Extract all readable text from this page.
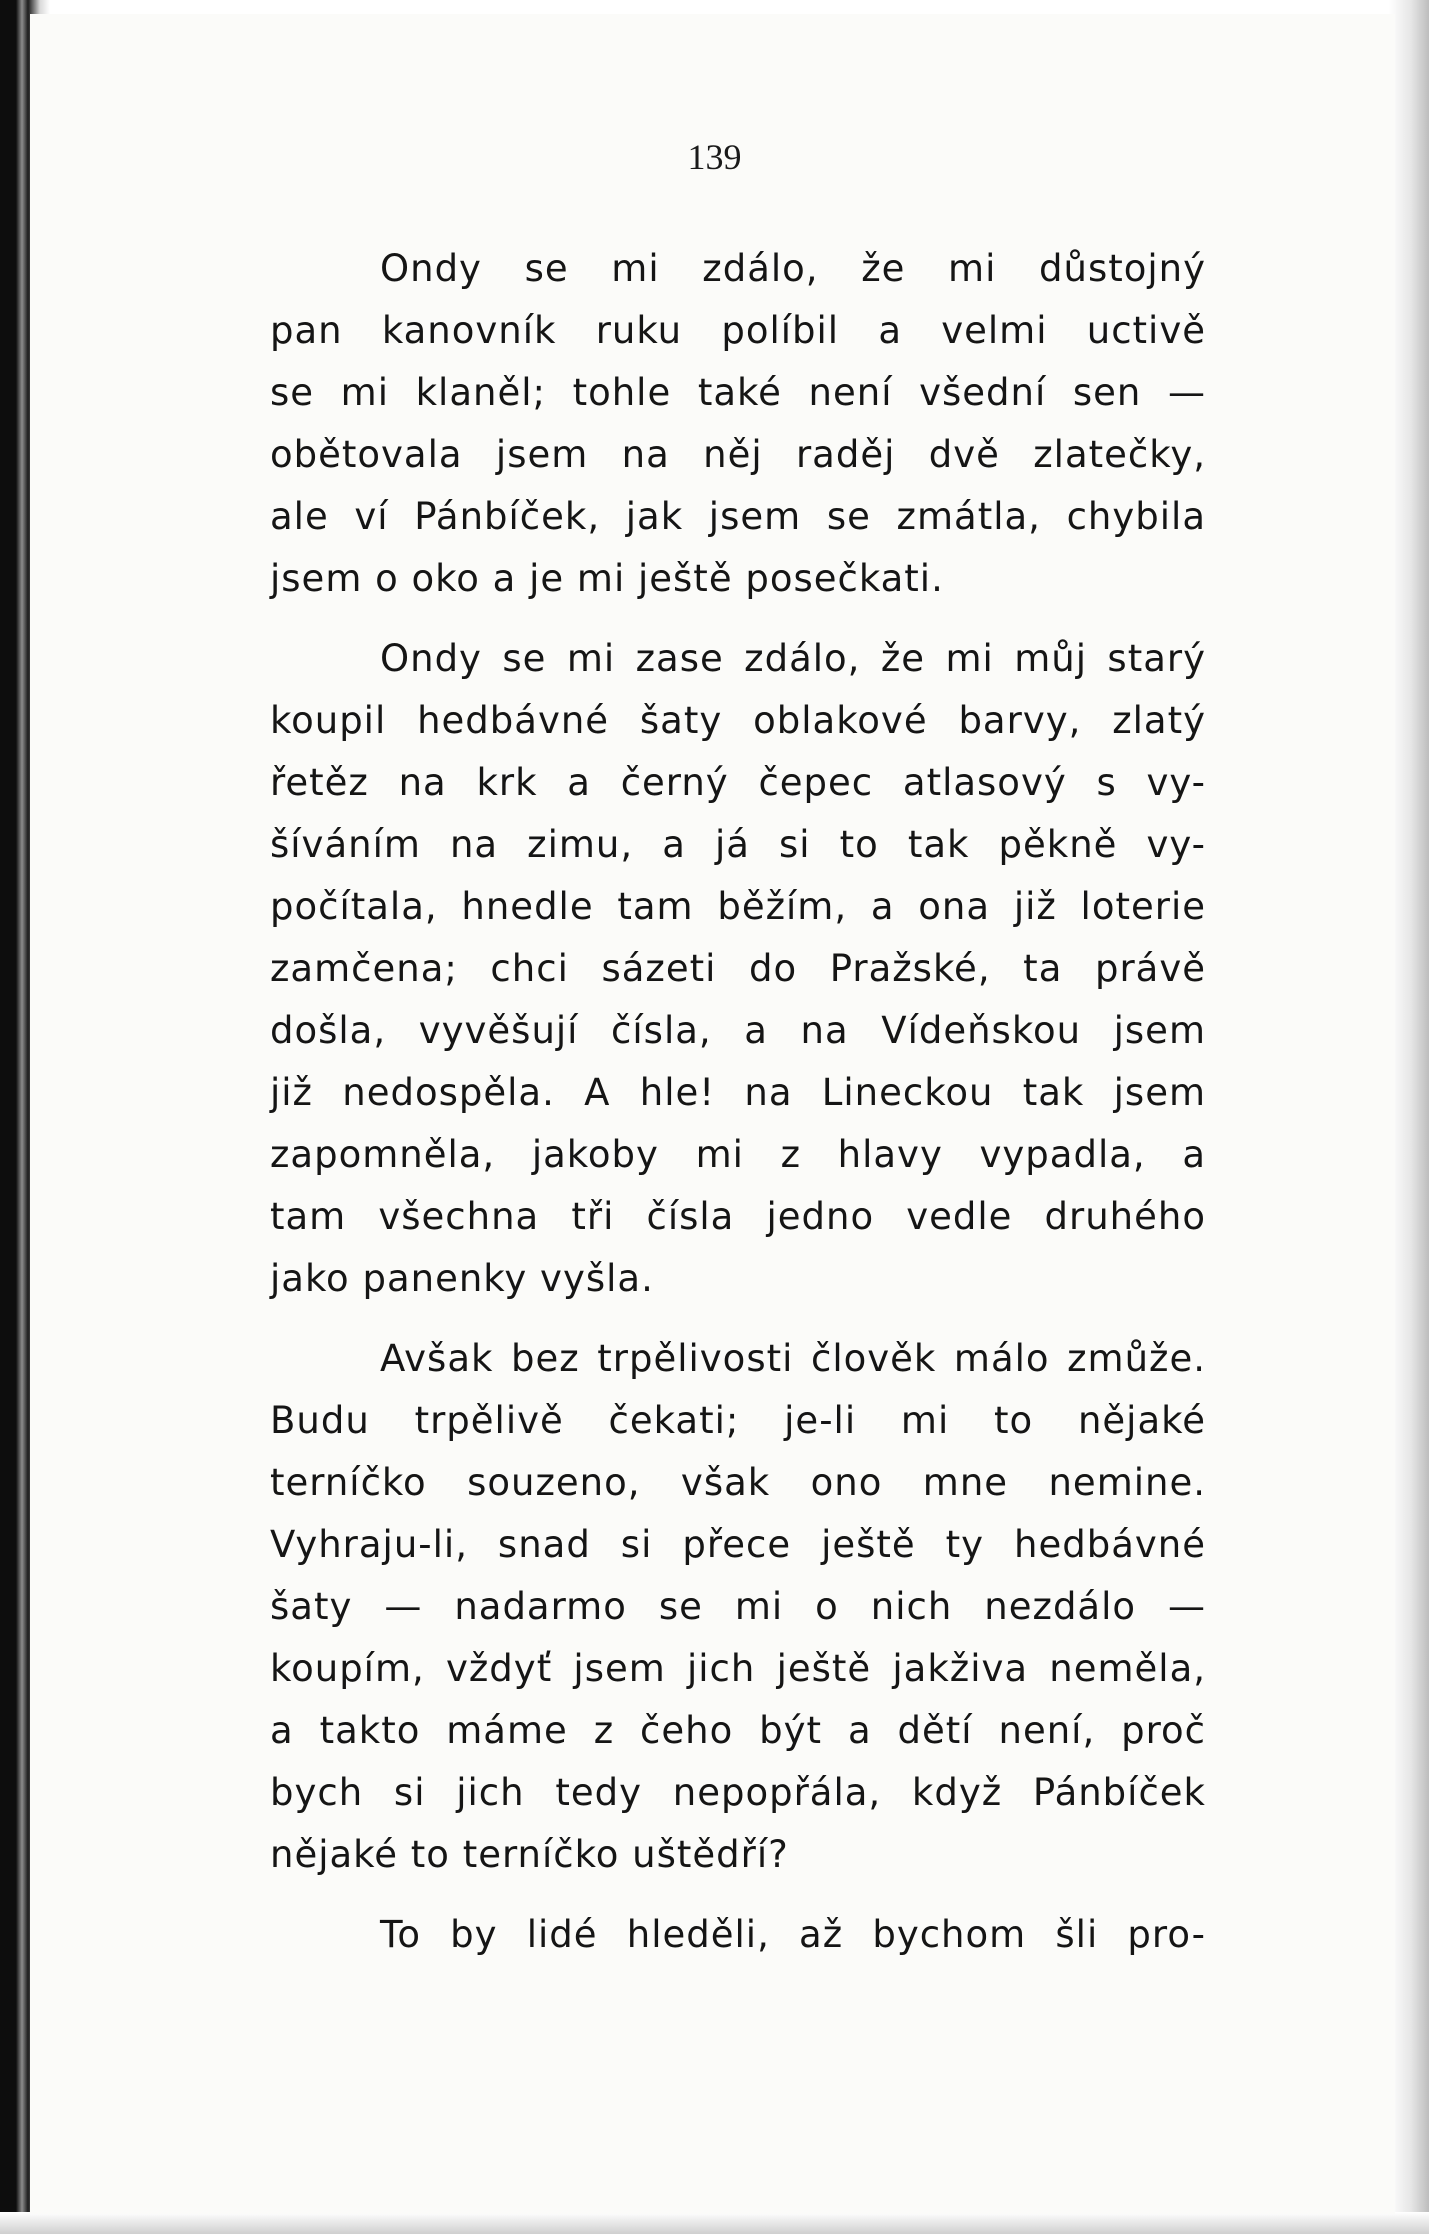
139
Ondy se mi zdálo, že mi důstojný
pan kanovník ruku políbil a velmi uctivě
se mi klaněl; tohle také není všední sen —
obětovala jsem na něj raděj dvě zlatečky,
ale ví Pánbíček, jak jsem se zmátla, chybila
jsem o oko a je mi ještě posečkati.
Ondy se mi zase zdálo, že mi můj starý
koupil hedbávné šaty oblakové barvy, zlatý
řetěz na krk a černý čepec atlasový s vy-
šíváním na zimu, a já si to tak pěkně vy-
počítala, hnedle tam běžím, a ona již loterie
zamčena; chci sázeti do Pražské, ta právě
došla, vyvěšují čísla, a na Vídeňskou jsem
již nedospěla. A hle! na Lineckou tak jsem
zapomněla, jakoby mi z hlavy vypadla, a
tam všechna tři čísla jedno vedle druhého
jako panenky vyšla.
Avšak bez trpělivosti člověk málo zmůže.
Budu trpělivě čekati; je-li mi to nějaké
terníčko souzeno, však ono mne nemine.
Vyhraju-li, snad si přece ještě ty hedbávné
šaty — nadarmo se mi o nich nezdálo —
koupím, vždyť jsem jich ještě jakživa neměla,
a takto máme z čeho být a dětí není, proč
bych si jich tedy nepopřála, když Pánbíček
nějaké to terníčko uštědří?
To by lidé hleděli, až bychom šli pro-
